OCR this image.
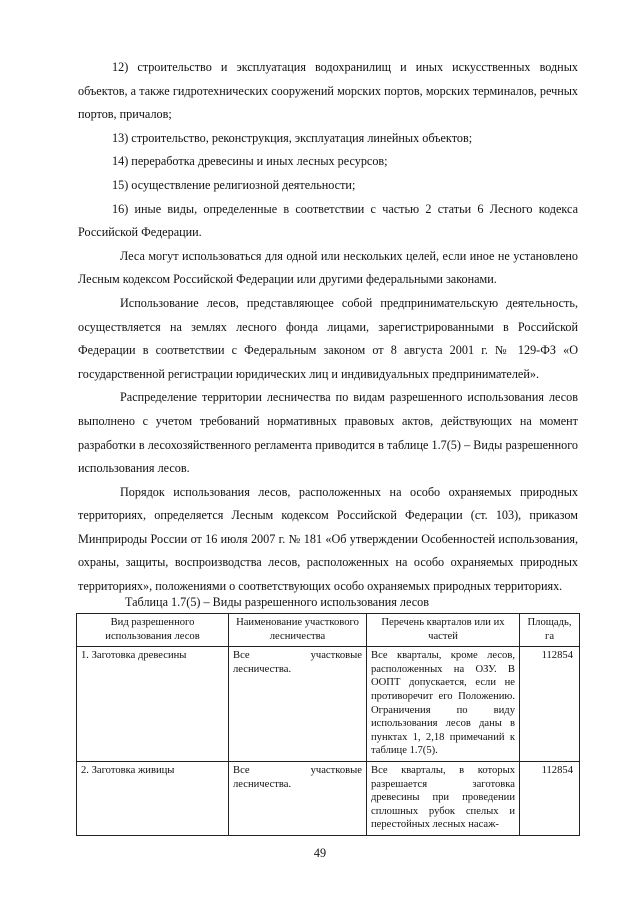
12) строительство и эксплуатация водохранилищ и иных искусственных водных объектов, а также гидротехнических сооружений морских портов, морских терминалов, речных портов, причалов;

13) строительство, реконструкция, эксплуатация линейных объектов;

14) переработка древесины и иных лесных ресурсов;

15) осуществление религиозной деятельности;

16) иные виды, определенные в соответствии с частью 2 статьи 6 Лесного кодекса Российской Федерации.

Леса могут использоваться для одной или нескольких целей, если иное не установлено Лесным кодексом Российской Федерации или другими федеральными законами.

Использование лесов, представляющее собой предпринимательскую деятельность, осуществляется на землях лесного фонда лицами, зарегистрированными в Российской Федерации в соответствии с Федеральным законом от 8 августа 2001 г. № 129-ФЗ «О государственной регистрации юридических лиц и индивидуальных предпринимателей».

Распределение территории лесничества по видам разрешенного использования лесов выполнено с учетом требований нормативных правовых актов, действующих на момент разработки в лесохозяйственного регламента приводится в таблице 1.7(5) – Виды разрешенного использования лесов.

Порядок использования лесов, расположенных на особо охраняемых природных территориях, определяется Лесным кодексом Российской Федерации (ст. 103), приказом Минприроды России от 16 июля 2007 г. № 181 «Об утверждении Особенностей использования, охраны, защиты, воспроизводства лесов, расположенных на особо охраняемых природных территориях», положениями о соответствующих особо охраняемых природных территориях.

Таблица 1.7(5) – Виды разрешенного использования лесов

Вид разрешенного использования лесов	Наименование участкового лесничества	Перечень кварталов или их частей	Площадь, га
1. Заготовка древесины	Все участковые лесничества.	Все кварталы, кроме лесов, расположенных на ОЗУ. В ООПТ допускается, если не противоречит его Положению. Ограничения по виду использования лесов даны в пунктах 1, 2,18 примечаний к таблице 1.7(5).	112854
2. Заготовка живицы	Все участковые лесничества.	Все кварталы, в которых разрешается заготовка древесины при проведении сплошных рубок спелых и перестойных лесных насаж-	112854
49
